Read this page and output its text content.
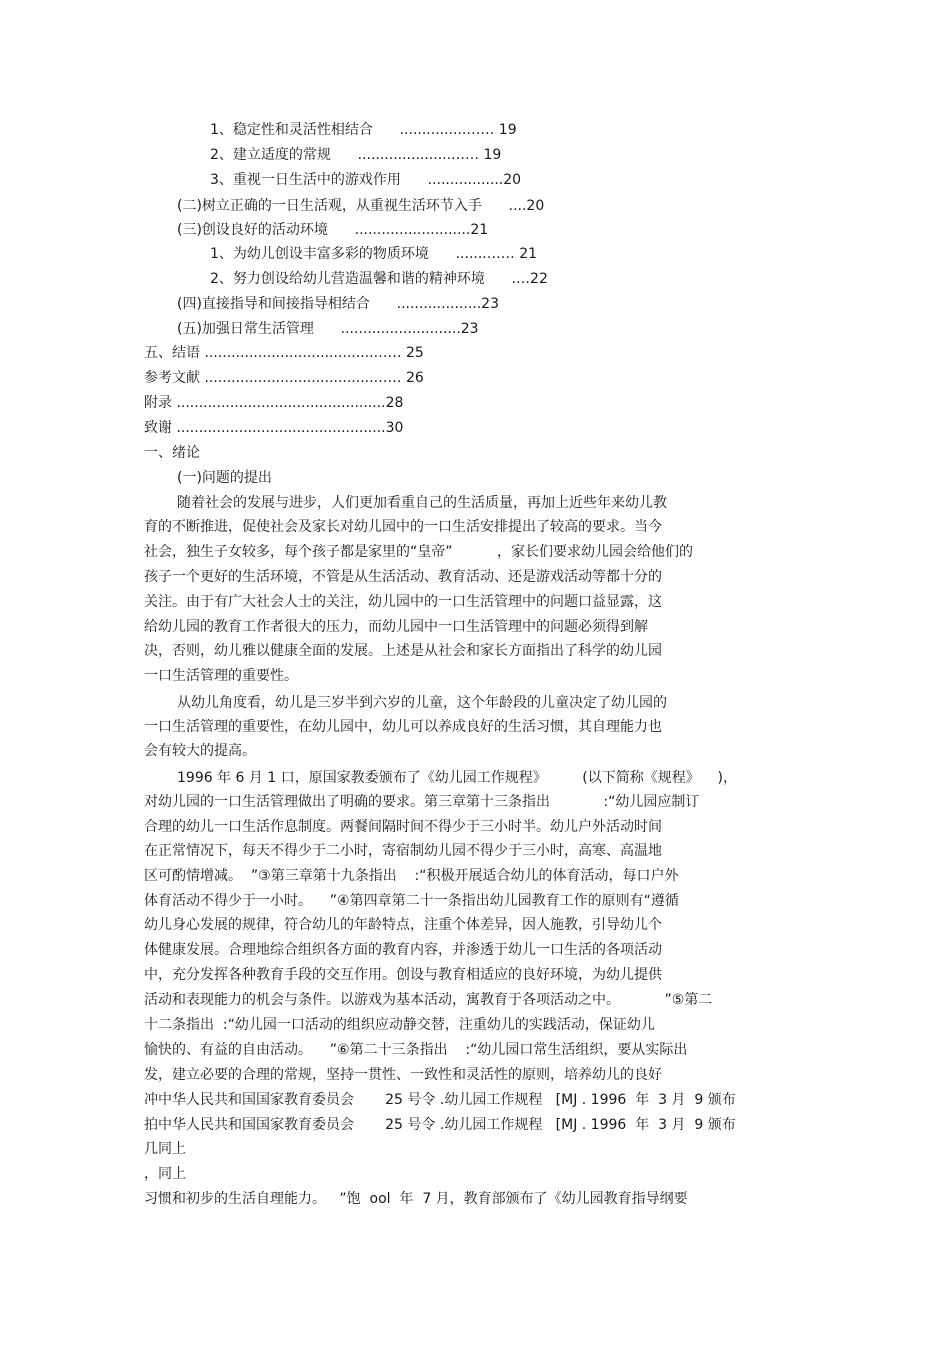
1、稳定性和灵活性相结合      ...............…… 19

2、建立适度的常规      .....................…… 19

3、重视一日生活中的游戏作用      .................20

(二)树立正确的一日生活观，从重视生活环节入手      ....20

(三)创设良好的活动环境      ..........................21

1、为幼儿创设丰富多彩的物质环境      .......…… 21

2、努力创设给幼儿营造温馨和谐的精神环境      .…22

(四)直接指导和间接指导相结合      ...................23

(五)加强日常生活管理      ...........................23

五、结语 ......................................…… 25

参考文献 ......................................…… 26

附录 ...............................................28

致谢 ...............................................30

一、绪论

(一)问题的提出

随着社会的发展与进步，人们更加看重自己的生活质量，再加上近些年来幼儿教

育的不断推进，促使社会及家长对幼儿园中的一口生活安排提出了较高的要求。当今

社会，独生子女较多，每个孩子都是家里的“皇帝”          ，家长们要求幼儿园会给他们的

孩子一个更好的生活环境，不管是从生活活动、教育活动、还是游戏活动等都十分的

关注。由于有广大社会人士的关注，幼儿园中的一口生活管理中的问题口益显露，这

给幼儿园的教育工作者很大的压力，而幼儿园中一口生活管理中的问题必须得到解

决，否则，幼儿雅以健康全面的发展。上述是从社会和家长方面指出了科学的幼儿园

一口生活管理的重要性。

从幼儿角度看，幼儿是三岁半到六岁的儿童，这个年龄段的儿童决定了幼儿园的

一口生活管理的重要性，在幼儿园中，幼儿可以养成良好的生活习惯，其自理能力也

会有较大的提高。

1996 年 6 月 1 口，原国家教委颁布了《幼儿园工作规程》        (以下简称《规程》    )，

对幼儿园的一口生活管理做出了明确的要求。第三章第十三条指出            :“幼儿园应制订

合理的幼儿一口生活作息制度。两餐间隔时间不得少于三小时半。幼儿户外活动时间

在正常情况下，每天不得少于二小时，寄宿制幼儿园不得少于三小时，高寒、高温地

区可酌情增减。  ”③第三章第十九条指出    :“积极开展适合幼儿的体育活动，每口户外

体育活动不得少于一小时。    ”④第四章第二十一条指出幼儿园教育工作的原则有“遵循

幼儿身心发展的规律，符合幼儿的年龄特点，注重个体差异，因人施教，引导幼儿个

体健康发展。合理地综合组织各方面的教育内容，并渗透于幼儿一口生活的各项活动

中，充分发挥各种教育手段的交互作用。创设与教育相适应的良好环境，为幼儿提供

活动和表现能力的机会与条件。以游戏为基本活动，寓教育于各项活动之中。          ”⑤第二

十二条指出  :“幼儿园一口活动的组织应动静交替，注重幼儿的实践活动，保证幼儿

愉快的、有益的自由活动。    ”⑥第二十三条指出    :“幼儿园口常生活组织，要从实际出

发，建立必要的合理的常规，坚持一贯性、一致性和灵活性的原则，培养幼儿的良好

冲中华人民共和国国家教育委员会       25 号令 .幼儿园工作规程   [MJ . 1996  年  3 月  9 颁布

拍中华人民共和国国家教育委员会       25 号令 .幼儿园工作规程   [MJ . 1996  年  3 月  9 颁布

几同上

，同上

习惯和初步的生活自理能力。   ”饱  ool  年  7 月，教育部颁布了《幼儿园教育指导纲要
